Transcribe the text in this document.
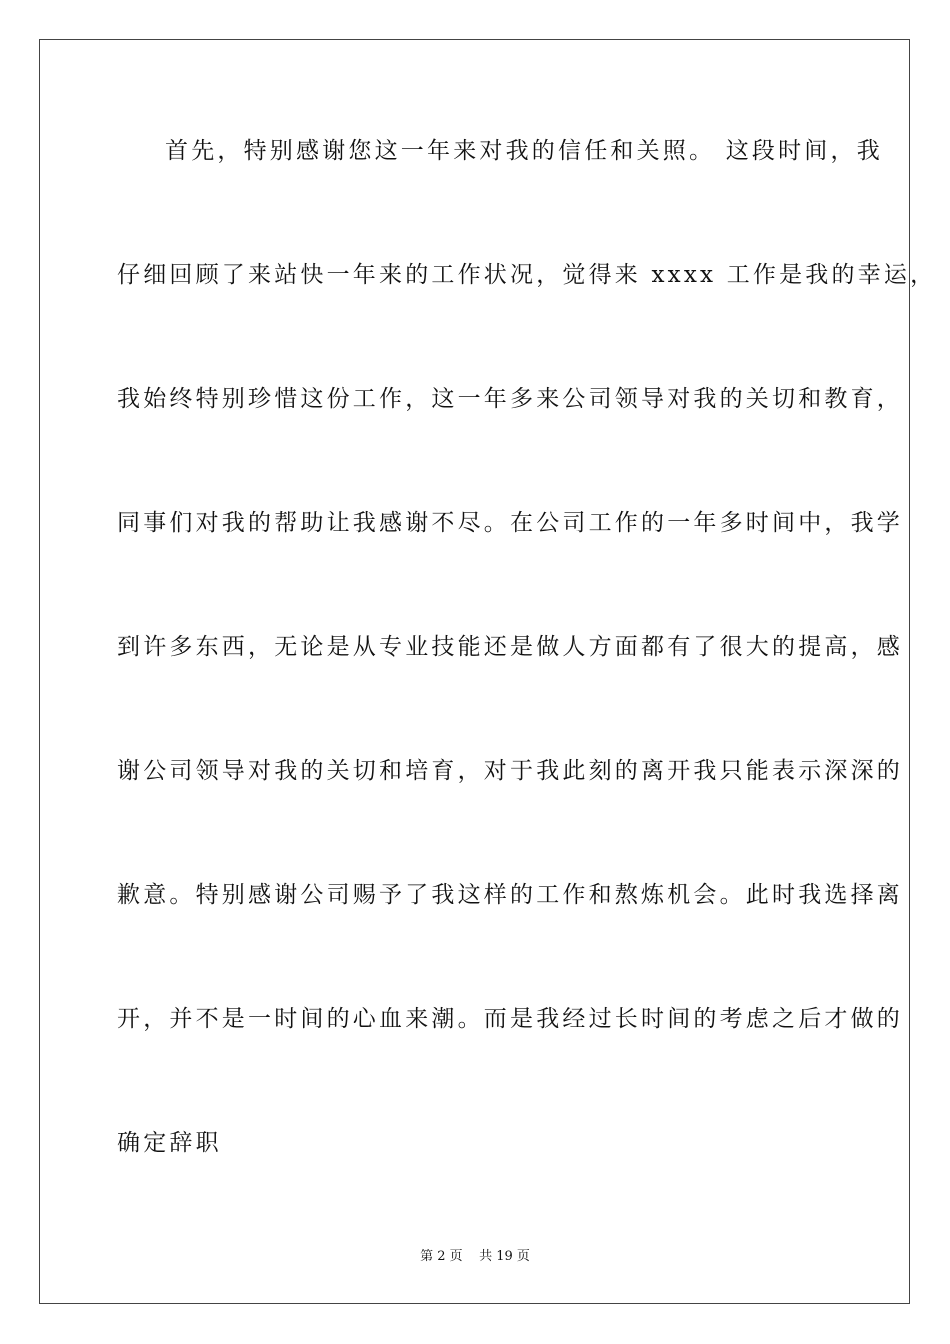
首先，特别感谢您这一年来对我的信任和关照。 这段时间，我
仔细回顾了来站快一年来的工作状况，觉得来 xxxx 工作是我的幸运，
我始终特别珍惜这份工作，这一年多来公司领导对我的关切和教育，
同事们对我的帮助让我感谢不尽。在公司工作的一年多时间中，我学
到许多东西，无论是从专业技能还是做人方面都有了很大的提高，感
谢公司领导对我的关切和培育，对于我此刻的离开我只能表示深深的
歉意。特别感谢公司赐予了我这样的工作和熬炼机会。此时我选择离
开，并不是一时间的心血来潮。而是我经过长时间的考虑之后才做的
确定辞职
第 2 页    共 19 页
